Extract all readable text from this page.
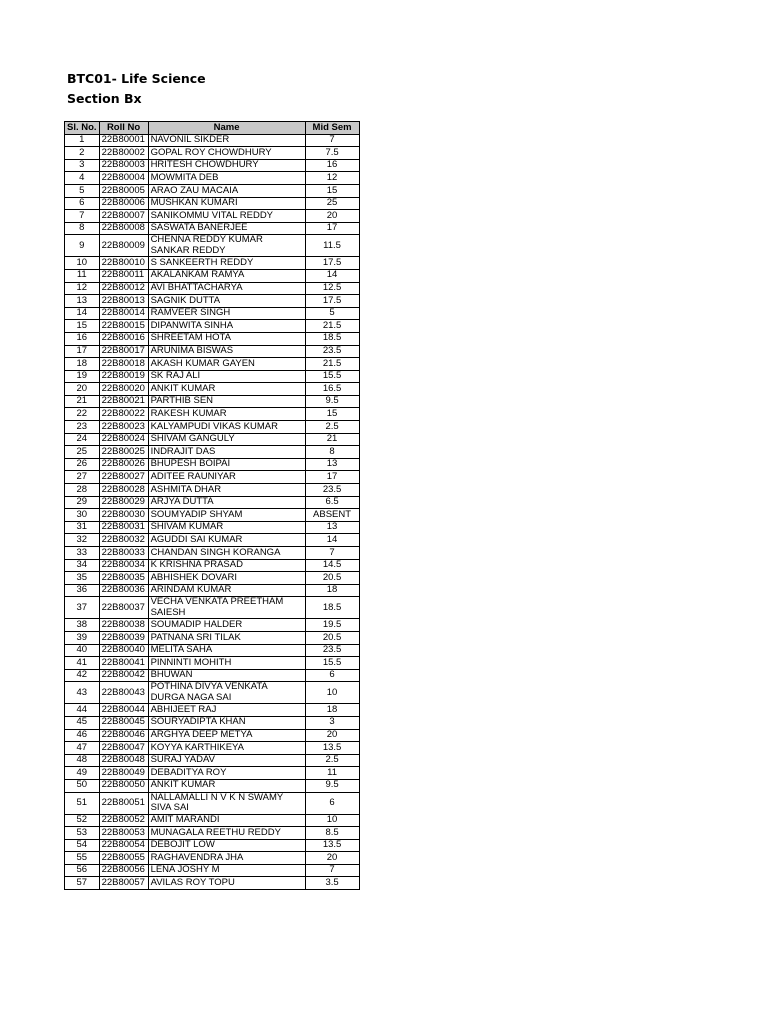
BTC01- Life Science
Section Bx
Sl. No.	Roll No	Name	Mid Sem
1	22B80001	NAVONIL SIKDER	7
2	22B80002	GOPAL ROY CHOWDHURY	7.5
3	22B80003	HRITESH CHOWDHURY	16
4	22B80004	MOWMITA DEB	12
5	22B80005	ARAO ZAU MACAIA	15
6	22B80006	MUSHKAN KUMARI	25
7	22B80007	SANIKOMMU VITAL REDDY	20
8	22B80008	SASWATA BANERJEE	17
9	22B80009	CHENNA REDDY KUMAR SANKAR REDDY	11.5
10	22B80010	S SANKEERTH REDDY	17.5
11	22B80011	AKALANKAM RAMYA	14
12	22B80012	AVI BHATTACHARYA	12.5
13	22B80013	SAGNIK DUTTA	17.5
14	22B80014	RAMVEER SINGH	5
15	22B80015	DIPANWITA SINHA	21.5
16	22B80016	SHREETAM HOTA	18.5
17	22B80017	ARUNIMA BISWAS	23.5
18	22B80018	AKASH KUMAR GAYEN	21.5
19	22B80019	SK RAJ ALI	15.5
20	22B80020	ANKIT KUMAR	16.5
21	22B80021	PARTHIB SEN	9.5
22	22B80022	RAKESH KUMAR	15
23	22B80023	KALYAMPUDI VIKAS KUMAR	2.5
24	22B80024	SHIVAM GANGULY	21
25	22B80025	INDRAJIT DAS	8
26	22B80026	BHUPESH BOIPAI	13
27	22B80027	ADITEE RAUNIYAR	17
28	22B80028	ASHMITA DHAR	23.5
29	22B80029	ARJYA DUTTA	6.5
30	22B80030	SOUMYADIP SHYAM	ABSENT
31	22B80031	SHIVAM KUMAR	13
32	22B80032	AGUDDI SAI KUMAR	14
33	22B80033	CHANDAN SINGH KORANGA	7
34	22B80034	K KRISHNA PRASAD	14.5
35	22B80035	ABHISHEK DOVARI	20.5
36	22B80036	ARINDAM KUMAR	18
37	22B80037	VECHA VENKATA PREETHAM SAIESH	18.5
38	22B80038	SOUMADIP HALDER	19.5
39	22B80039	PATNANA SRI TILAK	20.5
40	22B80040	MELITA SAHA	23.5
41	22B80041	PINNINTI MOHITH	15.5
42	22B80042	BHUWAN	6
43	22B80043	POTHINA DIVYA VENKATA DURGA NAGA SAI	10
44	22B80044	ABHIJEET RAJ	18
45	22B80045	SOURYADIPTA KHAN	3
46	22B80046	ARGHYA DEEP METYA	20
47	22B80047	KOYYA KARTHIKEYA	13.5
48	22B80048	SURAJ YADAV	2.5
49	22B80049	DEBADITYA ROY	11
50	22B80050	ANKIT KUMAR	9.5
51	22B80051	NALLAMALLI N V K N SWAMY SIVA SAI	6
52	22B80052	AMIT MARANDI	10
53	22B80053	MUNAGALA REETHU REDDY	8.5
54	22B80054	DEBOJIT LOW	13.5
55	22B80055	RAGHAVENDRA JHA	20
56	22B80056	LENA JOSHY M	7
57	22B80057	AVILAS ROY TOPU	3.5
